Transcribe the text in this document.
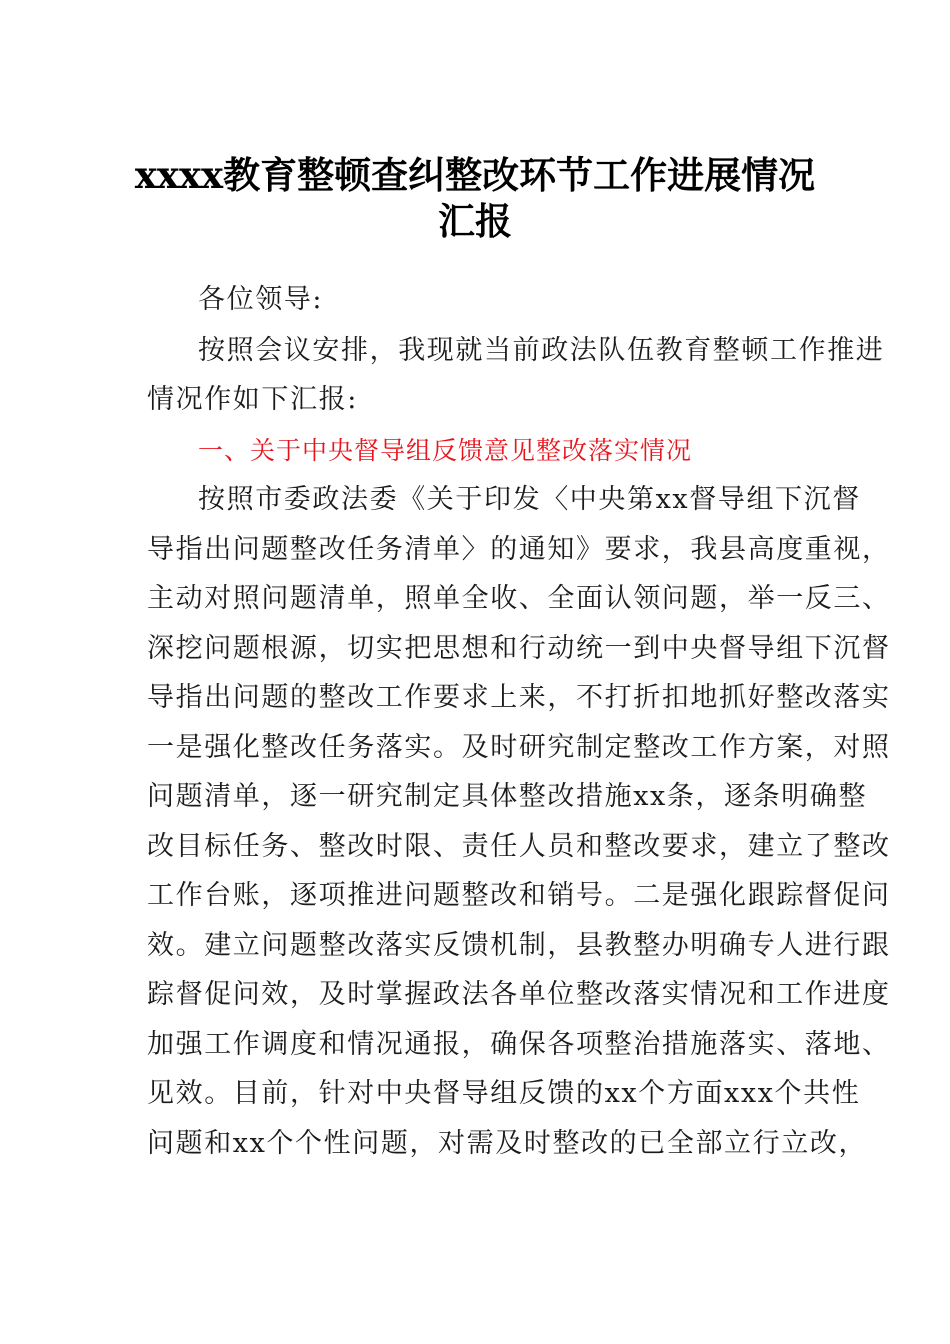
xxxx教育整顿查纠整改环节工作进展情况
汇报
各位领导:
按照会议安排，我现就当前政法队伍教育整顿工作推进
情况作如下汇报:
一、关于中央督导组反馈意见整改落实情况
按照市委政法委《关于印发〈中央第xx督导组下沉督
导指出问题整改任务清单〉的通知》要求，我县高度重视，
主动对照问题清单，照单全收、全面认领问题，举一反三、
深挖问题根源，切实把思想和行动统一到中央督导组下沉督
导指出问题的整改工作要求上来，不打折扣地抓好整改落实
一是强化整改任务落实。及时研究制定整改工作方案，对照
问题清单，逐一研究制定具体整改措施xx条，逐条明确整
改目标任务、整改时限、责任人员和整改要求，建立了整改
工作台账，逐项推进问题整改和销号。二是强化跟踪督促问
效。建立问题整改落实反馈机制，县教整办明确专人进行跟
踪督促问效，及时掌握政法各单位整改落实情况和工作进度
加强工作调度和情况通报，确保各项整治措施落实、落地、
见效。目前，针对中央督导组反馈的xx个方面xxx个共性
问题和xx个个性问题，对需及时整改的已全部立行立改，
